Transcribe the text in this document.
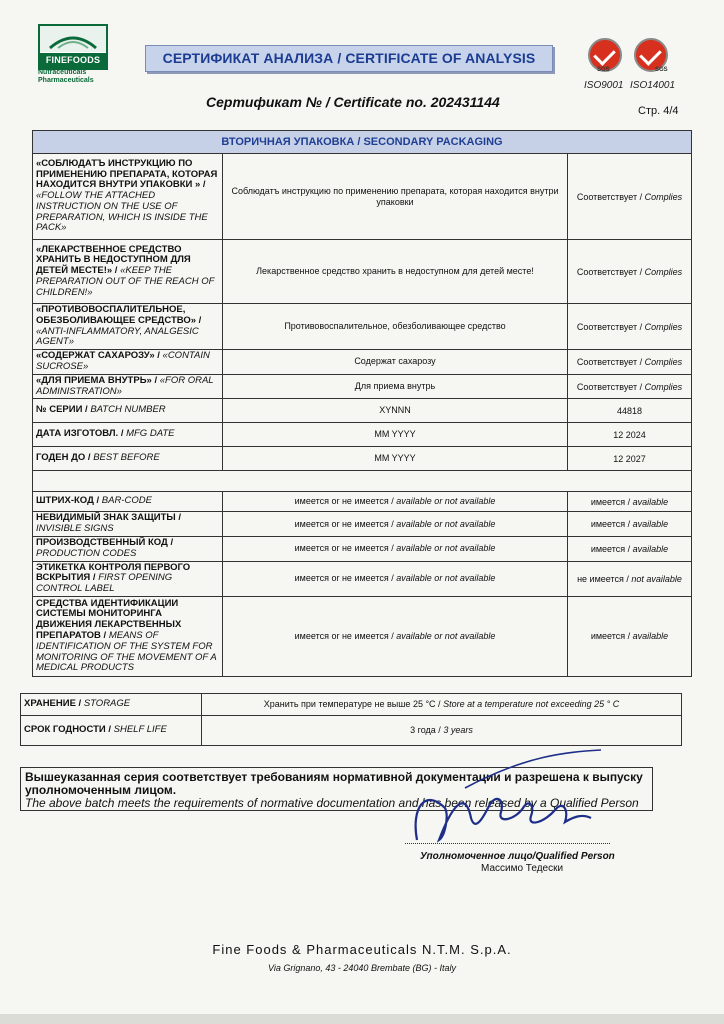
FINEFOODS
Nutraceuticals
Pharmaceuticals
СЕРТИФИКАТ АНАЛИЗА / CERTIFICATE OF ANALYSIS
SGS	SGS
ISO9001 ISO14001
Сертификат № / Certificate no. 202431144
Стр. 4/4
ВТОРИЧНАЯ УПАКОВКА / SECONDARY PACKAGING		
«СОБЛЮДАТЪ ИНСТРУКЦИЮ ПО ПРИМЕНЕНИЮ ПРЕПАРАТА, КОТОРАЯ НАХОДИТСЯ ВНУТРИ УПАКОВКИ » / «FOLLOW THE ATTACHED INSTRUCTION ON THE USE OF PREPARATION, WHICH IS INSIDE THE PACK»	Соблюдатъ инструкцию по применению препарата, которая находится внутри упаковки	Соответствует / Complies
«ЛЕКАРСТВЕННОЕ СРЕДСТВО ХРАНИТЬ В НЕДОСТУПНОМ ДЛЯ ДЕТЕЙ МЕСТЕ!» / «KEEP THE PREPARATION OUT OF THE REACH OF CHILDREN!»	Лекарственное средство хранить в недоступном для детей месте!	Соответствует / Complies
«ПРОТИВОВОСПАЛИТЕЛЬНОЕ, ОБЕЗБОЛИВАЮЩЕЕ СРЕДСТВО» / «ANTI-INFLAMMATORY, ANALGESIC AGENT»	Противовоспалительное, обезболивающее средство	Соответствует / Complies
«СОДЕРЖАТ САХАРОЗУ» / «CONTAIN SUCROSE»	Содержат сахарозу	Соответствует / Complies
«ДЛЯ ПРИЕМА ВНУТРЬ» / «FOR ORAL ADMINISTRATION»	Для приема внутрь	Соответствует / Complies
№ СЕРИИ / BATCH NUMBER	XYNNN	44818
ДАТА ИЗГОТОВЛ. / MFG DATE	MM YYYY	12 2024
ГОДЕН ДО / BEST BEFORE	MM YYYY	12 2027

ШТРИХ-КОД / BAR-CODE	имеется or не имеется / available or not available	имеется / available
НЕВИДИМЫЙ ЗНАК ЗАЩИТЫ / INVISIBLE SIGNS	имеется or не имеется / available or not available	имеется / available
ПРОИЗВОДСТВЕННЫЙ КОД / PRODUCTION CODES	имеется or не имеется / available or not available	имеется / available
ЭТИКЕТКА КОНТРОЛЯ ПЕРВОГО ВСКРЫТИЯ / FIRST OPENING CONTROL LABEL	имеется or не имеется / available or not available	не имеется / not available
СРЕДСТВА ИДЕНТИФИКАЦИИ СИСТЕМЫ МОНИТОРИНГА ДВИЖЕНИЯ ЛЕКАРСТВЕННЫХ ПРЕПАРАТОВ / MEANS OF IDENTIFICATION OF THE SYSTEM FOR MONITORING OF THE MOVEMENT OF A MEDICAL PRODUCTS	имеется or не имеется / available or not available	имеется / available
ХРАНЕНИЕ / STORAGE	Хранить при температуре не выше 25 °C / Store at a temperature not exceeding 25 ° C
СРОК ГОДНОСТИ / SHELF LIFE	3 года / 3 years
Вышеуказанная серия соответствует требованиям нормативной документации и разрешена к выпуску уполномоченным лицом.
The above batch meets the requirements of normative documentation and has been released by a Qualified Person
Уполномоченное лицо/Qualified Person
Массимо Тедески
Fine Foods & Pharmaceuticals N.T.M. S.p.A.
Via Grignano, 43 - 24040 Brembate (BG) - Italy
